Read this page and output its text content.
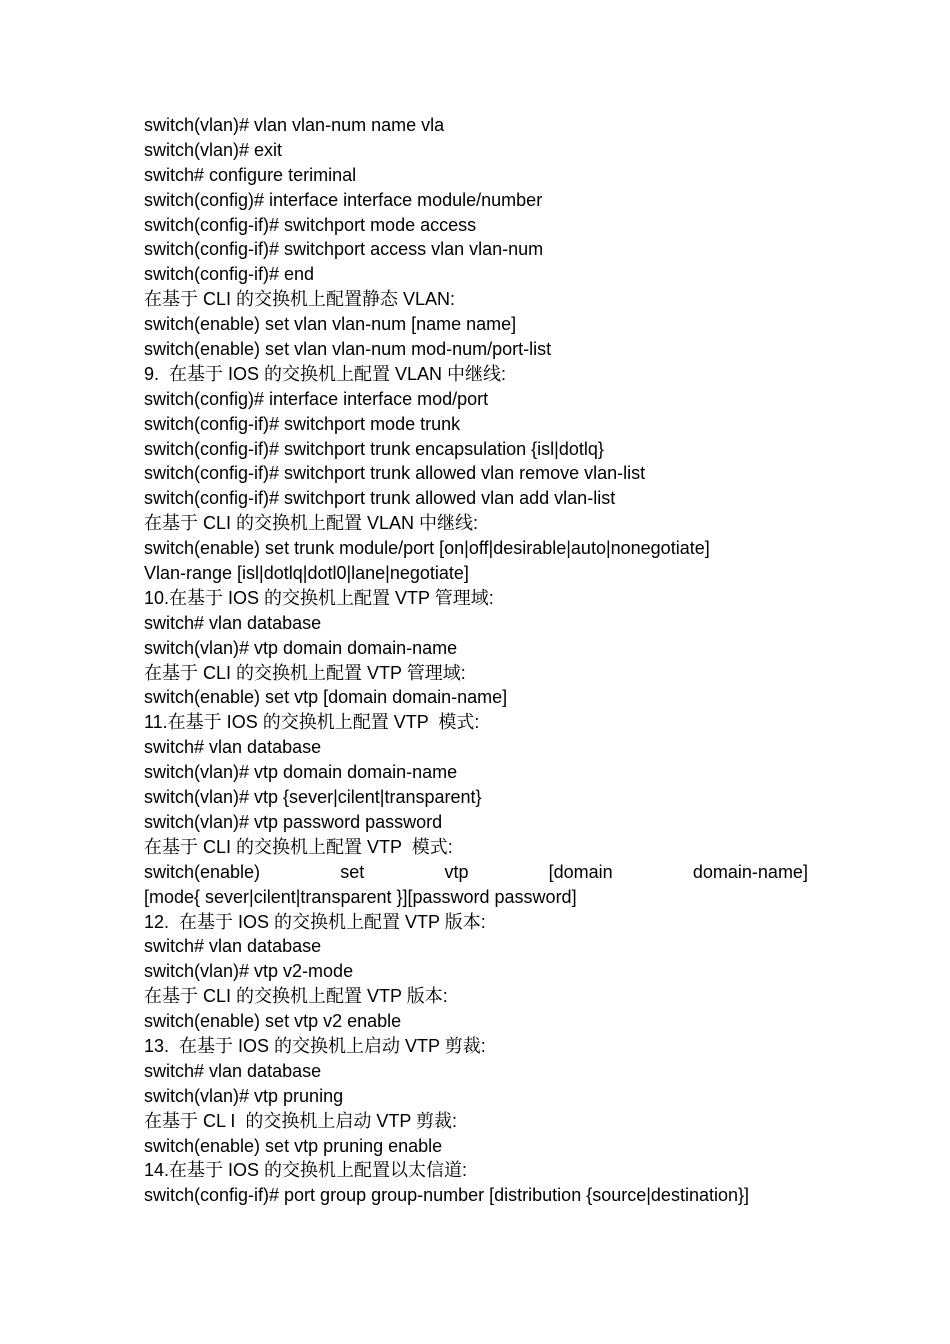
switch(vlan)# vlan vlan-num name vla
switch(vlan)# exit
switch# configure teriminal
switch(config)# interface interface module/number
switch(config-if)# switchport mode access
switch(config-if)# switchport access vlan vlan-num
switch(config-if)# end
在基于 CLI 的交换机上配置静态 VLAN:
switch(enable) set vlan vlan-num [name name]
switch(enable) set vlan vlan-num mod-num/port-list
9.  在基于 IOS 的交换机上配置 VLAN 中继线:
switch(config)# interface interface mod/port
switch(config-if)# switchport mode trunk
switch(config-if)# switchport trunk encapsulation {isl|dotlq}
switch(config-if)# switchport trunk allowed vlan remove vlan-list
switch(config-if)# switchport trunk allowed vlan add vlan-list
在基于 CLI 的交换机上配置 VLAN 中继线:
switch(enable) set trunk module/port [on|off|desirable|auto|nonegotiate]
Vlan-range [isl|dotlq|dotl0|lane|negotiate]
10.在基于 IOS 的交换机上配置 VTP 管理域:
switch# vlan database
switch(vlan)# vtp domain domain-name
在基于 CLI 的交换机上配置 VTP 管理域:
switch(enable) set vtp [domain domain-name]
11.在基于 IOS 的交换机上配置 VTP  模式:
switch# vlan database
switch(vlan)# vtp domain domain-name
switch(vlan)# vtp {sever|cilent|transparent}
switch(vlan)# vtp password password
在基于 CLI 的交换机上配置 VTP  模式:
switch(enable)	set	vtp	[domain	domain-name]
[mode{ sever|cilent|transparent }][password password]
12.  在基于 IOS 的交换机上配置 VTP 版本:
switch# vlan database
switch(vlan)# vtp v2-mode
在基于 CLI 的交换机上配置 VTP 版本:
switch(enable) set vtp v2 enable
13.  在基于 IOS 的交换机上启动 VTP 剪裁:
switch# vlan database
switch(vlan)# vtp pruning
在基于 CL I  的交换机上启动 VTP 剪裁:
switch(enable) set vtp pruning enable
14.在基于 IOS 的交换机上配置以太信道:
switch(config-if)# port group group-number [distribution {source|destination}]
